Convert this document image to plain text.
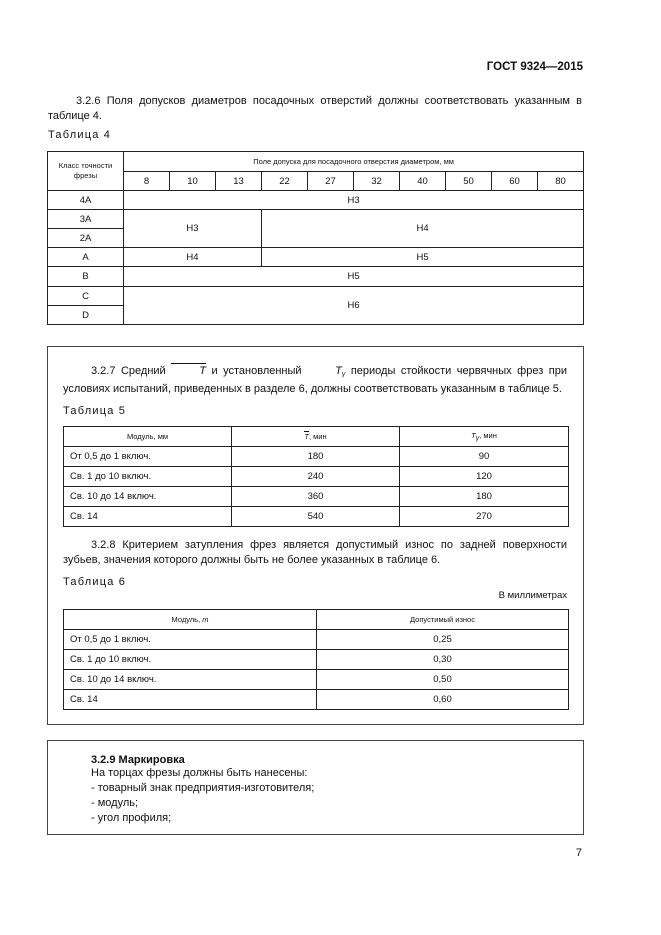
ГОСТ 9324—2015
3.2.6 Поля допусков диаметров посадочных отверстий должны соответствовать указанным в таблице 4.
Таблица 4
Класс точности фрезы	Поле допуска для посадочного отверстия диаметром, мм									
	8	10	13	22	27	32	40	50	60	80
4A	H3									
3A	H3			H4						
2A										
A	H4			H5						
B	H5									
C	H6									
D										
3.2.7 Средний	T и установленный	$T_\gamma$ периоды стойкости червячных фрез при условиях испытаний, приведенных в разделе 6, должны соответствовать указанным в таблице 5.
Таблица 5
Модуль, мм	T, мин	$T_\gamma$, мин
От 0,5 до 1 включ.	180	90
Св. 1 до 10 включ.	240	120
Св. 10 до 14 включ.	360	180
Св. 14	540	270
3.2.8 Критерием затупления фрез является допустимый износ по задней поверхности зубьев, значения которого должны быть не более указанных в таблице 6.
Таблица 6
В миллиметрах
Модуль, m	Допустимый износ
От 0,5 до 1 включ.	0,25
Св. 1 до 10 включ.	0,30
Св. 10 до 14 включ.	0,50
Св. 14	0,60
3.2.9 Маркировка
На торцах фрезы должны быть нанесены:
- товарный знак предприятия-изготовителя;
- модуль;
- угол профиля;
7
